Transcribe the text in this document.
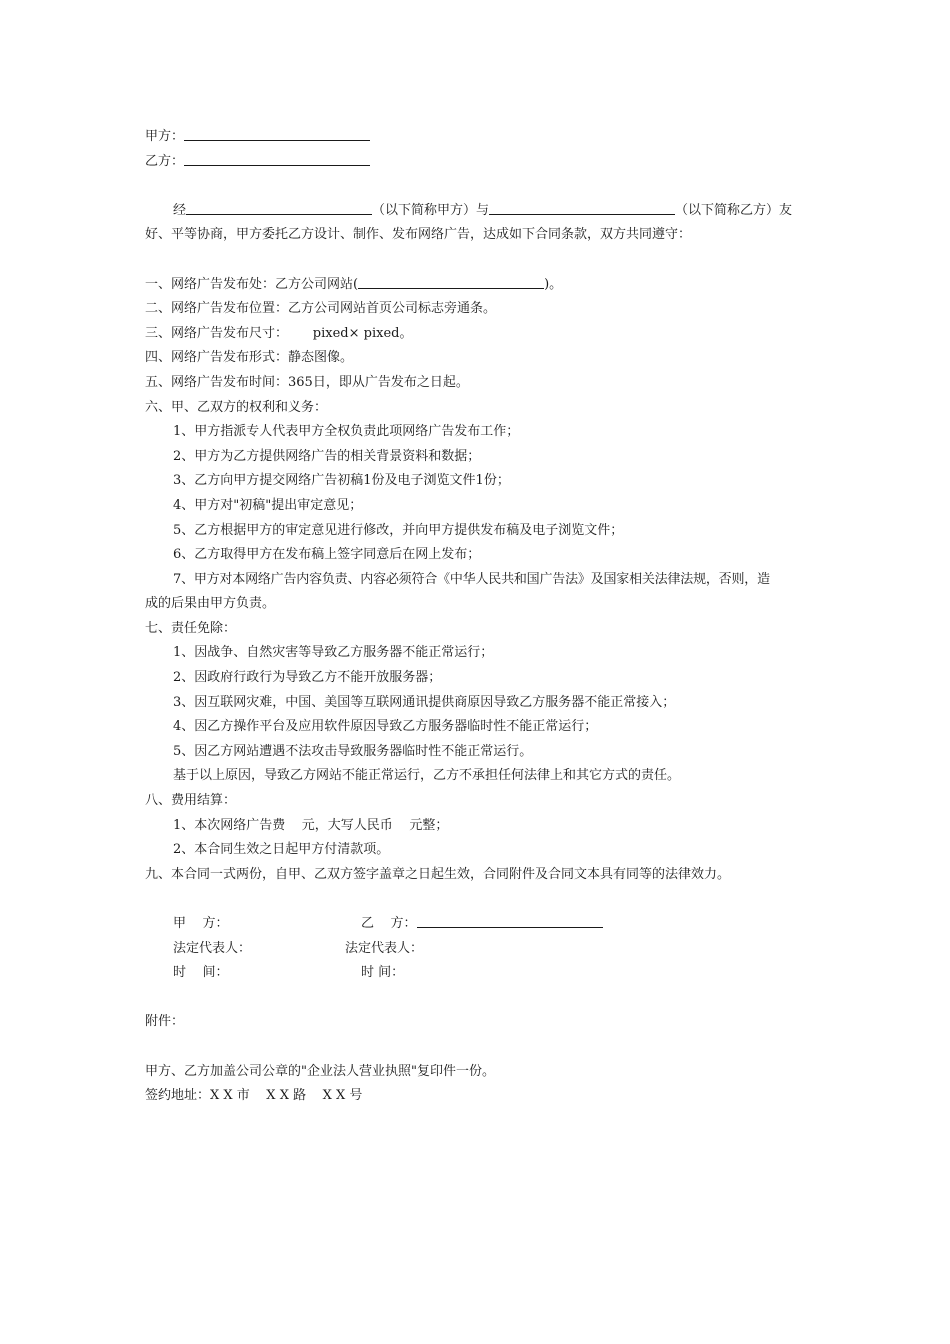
甲方：
乙方：
经	（以下简称甲方）与	（以下简称乙方）友
好、平等协商，甲方委托乙方设计、制作、发布网络广告，达成如下合同条款，双方共同遵守：
一、网络广告发布处：乙方公司网站(	)。
二、网络广告发布位置：乙方公司网站首页公司标志旁通条。
三、网络广告发布尺寸：      pixed× pixed。
四、网络广告发布形式：静态图像。
五、网络广告发布时间：365日，即从广告发布之日起。
六、甲、乙双方的权利和义务：
1、甲方指派专人代表甲方全权负责此项网络广告发布工作；
2、甲方为乙方提供网络广告的相关背景资料和数据；
3、乙方向甲方提交网络广告初稿1份及电子浏览文件1份；
4、甲方对"初稿"提出审定意见；
5、乙方根据甲方的审定意见进行修改，并向甲方提供发布稿及电子浏览文件；
6、乙方取得甲方在发布稿上签字同意后在网上发布；
7、甲方对本网络广告内容负责、内容必须符合《中华人民共和国广告法》及国家相关法律法规，否则，造
成的后果由甲方负责。
七、责任免除：
1、因战争、自然灾害等导致乙方服务器不能正常运行；
2、因政府行政行为导致乙方不能开放服务器；
3、因互联网灾难，中国、美国等互联网通讯提供商原因导致乙方服务器不能正常接入；
4、因乙方操作平台及应用软件原因导致乙方服务器临时性不能正常运行；
5、因乙方网站遭遇不法攻击导致服务器临时性不能正常运行。
基于以上原因，导致乙方网站不能正常运行，乙方不承担任何法律上和其它方式的责任。
八、费用结算：
1、本次网络广告费    元，大写人民币    元整；
2、本合同生效之日起甲方付清款项。
九、本合同一式两份，自甲、乙双方签字盖章之日起生效，合同附件及合同文本具有同等的法律效力。
甲    方：	乙    方：
法定代表人：	法定代表人：
时    间：	时 间：
附件：
甲方、乙方加盖公司公章的"企业法人营业执照"复印件一份。
签约地址：X X 市    X X 路    X X 号
